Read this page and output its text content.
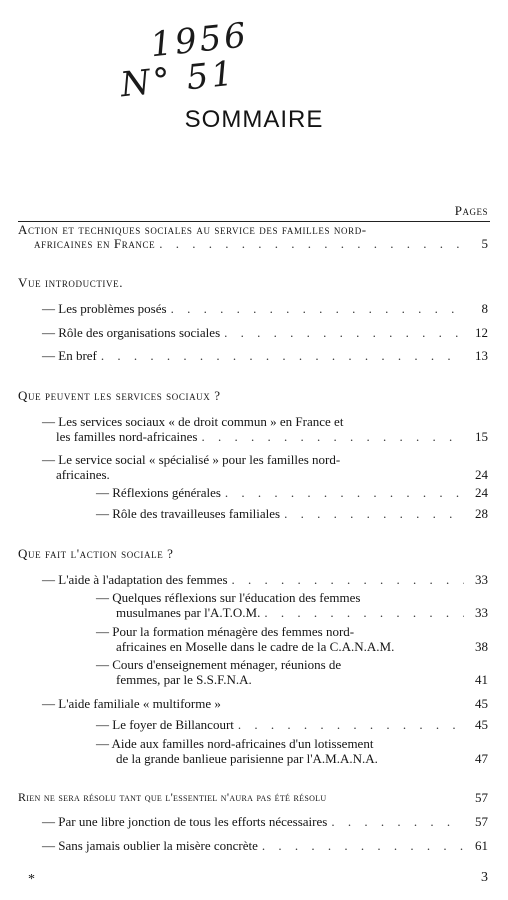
1956
N° 51
SOMMAIRE
Pages
Action et techniques sociales au service des familles nord-
africaines en France . . .	5
Vue introductive.
— Les problèmes posés . . .	8
— Rôle des organisations sociales . . .	12
— En bref . . .	13
Que peuvent les services sociaux ?
— Les services sociaux « de droit commun » en France et
les familles nord-africaines . . .	15
— Le service social « spécialisé » pour les familles nord-
africaines.	24
— Réflexions générales . . .	24
— Rôle des travailleuses familiales . . .	28
Que fait l'action sociale ?
— L'aide à l'adaptation des femmes . . .	33
— Quelques réflexions sur l'éducation des femmes
musulmanes par l'A.T.O.M. . . .	33
— Pour la formation ménagère des femmes nord-
africaines en Moselle dans le cadre de la C.A.N.A.M.	38
— Cours d'enseignement ménager, réunions de
femmes, par le S.S.F.N.A.	41
— L'aide familiale « multiforme »	45
— Le foyer de Billancourt . . .	45
— Aide aux familles nord-africaines d'un lotissement
de la grande banlieue parisienne par l'A.M.A.N.A.	47
Rien ne sera résolu tant que l'essentiel n'aura pas été résolu	57
— Par une libre jonction de tous les efforts nécessaires . . .	57
— Sans jamais oublier la misère concrète . . .	61
*	3
